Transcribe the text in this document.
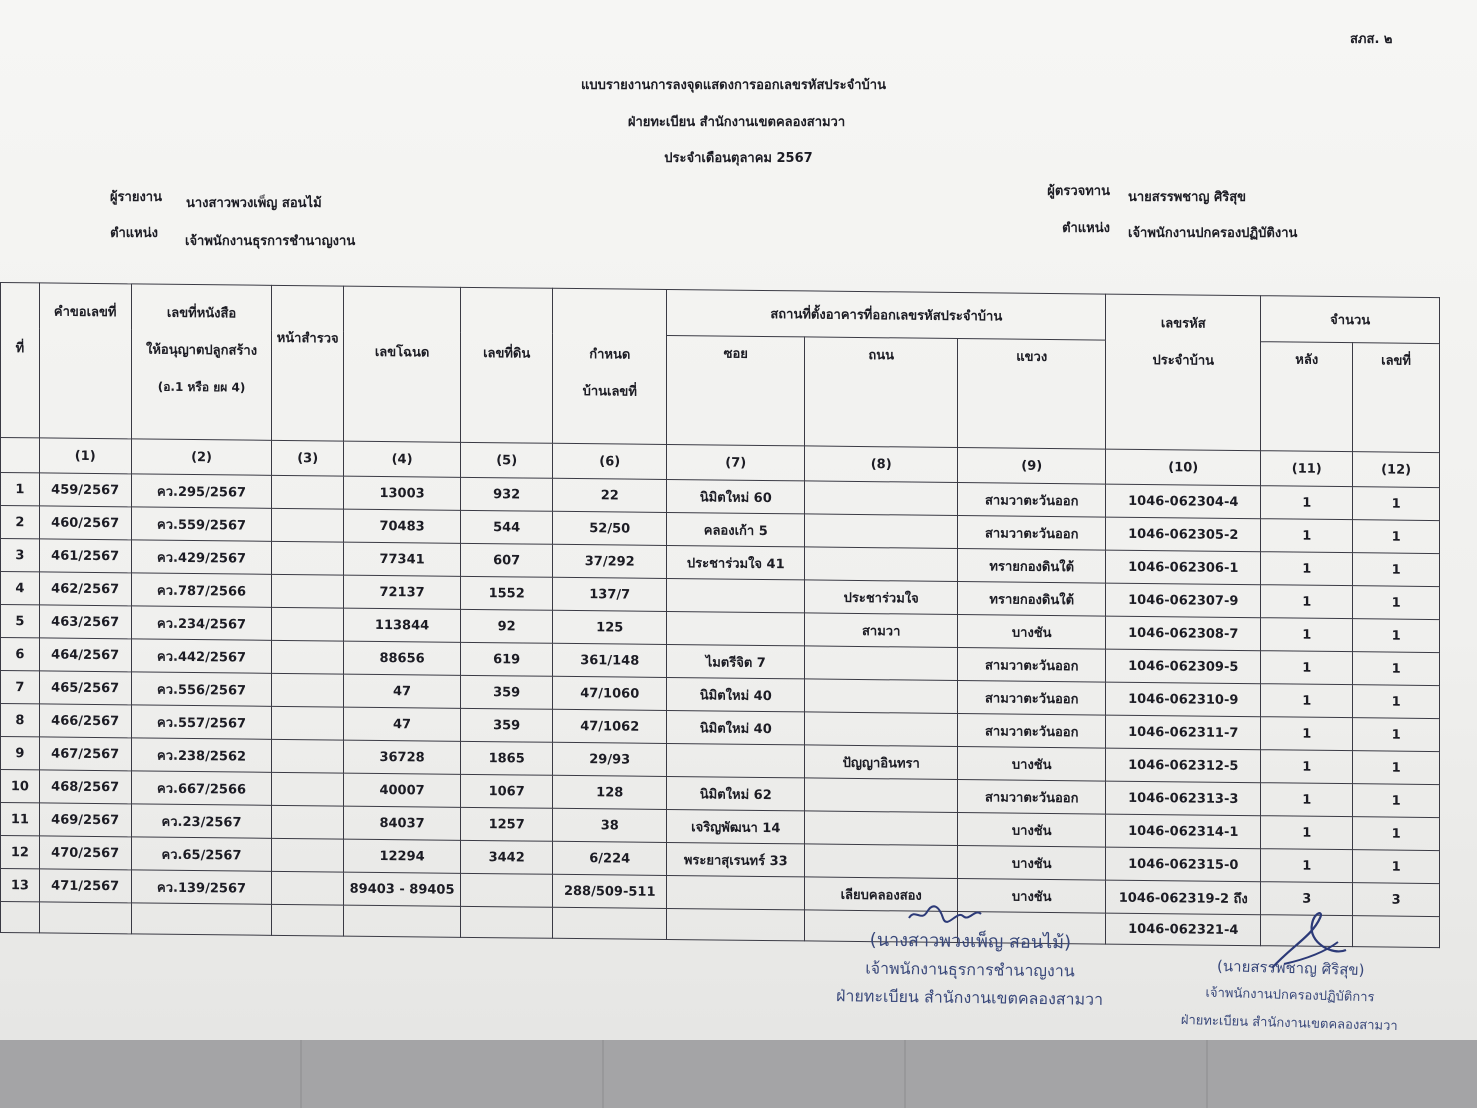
สภส. ๒
แบบรายงานการลงจุดแสดงการออกเลขรหัสประจำบ้าน
ฝ่ายทะเบียน สำนักงานเขตคลองสามวา
ประจำเดือนตุลาคม 2567
ผู้รายงาน นางสาวพวงเพ็ญ สอนไม้
ตำแหน่ง
เจ้าพนักงานธุรการชำนาญงาน
ผู้ตรวจทาน นายสรรพชาญ ศิริสุข
ตำแหน่ง เจ้าพนักงานปกครองปฏิบัติงาน

ที่	คำขอเลขที่	เลขที่หนังสือ
ให้อนุญาตปลูกสร้าง
(อ.1 หรือ ยผ 4)	หน้าสำรวจ	เลขโฉนด	เลขที่ดิน	กำหนด
บ้านเลขที่	สถานที่ตั้งอาคารที่ออกเลขรหัสประจำบ้าน			เลขรหัส
ประจำบ้าน	จำนวน	
							ซอย	ถนน	แขวง		หลัง	เลขที่
	(1)	(2)	(3)	(4)	(5)	(6)	(7)	(8)	(9)	(10)	(11)	(12)
1	459/2567	คว.295/2567		13003	932	22	นิมิตใหม่ 60		สามวาตะวันออก	1046-062304-4	1	1
2	460/2567	คว.559/2567		70483	544	52/50	คลองเก้า 5		สามวาตะวันออก	1046-062305-2	1	1
3	461/2567	คว.429/2567		77341	607	37/292	ประชาร่วมใจ 41		ทรายกองดินใต้	1046-062306-1	1	1
4	462/2567	คว.787/2566		72137	1552	137/7		ประชาร่วมใจ	ทรายกองดินใต้	1046-062307-9	1	1
5	463/2567	คว.234/2567		113844	92	125		สามวา	บางชัน	1046-062308-7	1	1
6	464/2567	คว.442/2567		88656	619	361/148	ไมตรีจิต 7		สามวาตะวันออก	1046-062309-5	1	1
7	465/2567	คว.556/2567		47	359	47/1060	นิมิตใหม่ 40		สามวาตะวันออก	1046-062310-9	1	1
8	466/2567	คว.557/2567		47	359	47/1062	นิมิตใหม่ 40		สามวาตะวันออก	1046-062311-7	1	1
9	467/2567	คว.238/2562		36728	1865	29/93		ปัญญาอินทรา	บางชัน	1046-062312-5	1	1
10	468/2567	คว.667/2566		40007	1067	128	นิมิตใหม่ 62		สามวาตะวันออก	1046-062313-3	1	1
11	469/2567	คว.23/2567		84037	1257	38	เจริญพัฒนา 14		บางชัน	1046-062314-1	1	1
12	470/2567	คว.65/2567		12294	3442	6/224	พระยาสุเรนทร์ 33		บางชัน	1046-062315-0	1	1
13	471/2567	คว.139/2567		89403 - 89405		288/509-511		เลียบคลองสอง	บางชัน	1046-062319-2 ถึง	3	3
										1046-062321-4		
(นางสาวพวงเพ็ญ สอนไม้)
เจ้าพนักงานธุรการชำนาญงาน
ฝ่ายทะเบียน สำนักงานเขตคลองสามวา
(นายสรรพชาญ ศิริสุข)
เจ้าพนักงานปกครองปฏิบัติการ
ฝ่ายทะเบียน สำนักงานเขตคลองสามวา
